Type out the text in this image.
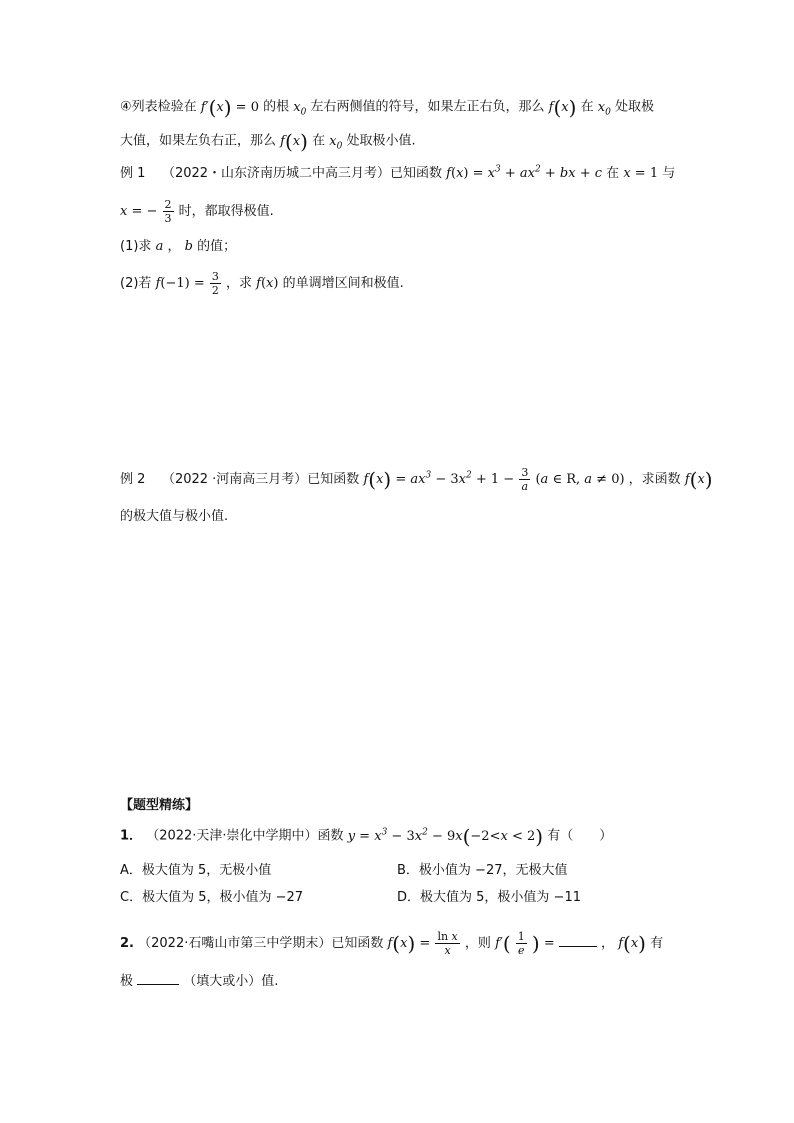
④列表检验在 f′(x) = 0 的根 $x_0$ 左右两侧值的符号，如果左正右负，那么 f(x) 在 $x_0$ 处取极
大值，如果左负右正，那么 f(x) 在 $x_0$ 处取极小值.
例 1 （2022・山东济南历城二中高三月考）已知函数 $f(x) = x^3 + ax^2$ + bx + c 在 x = 1 与
x = − $\frac{2}{3}$ 时，都取得极值.
(1)求 a ， b 的值；
(2)若 $f(-1) = \frac{3}{2}$ ，求 f(x) 的单调增区间和极值.
例 2 （2022 ·河南高三月考）已知函数 $f(x) = ax^3 - 3x^2 + 1 - \frac{3}{a} (a$ ∈ R, a ≠ 0) ，求函数 f(x)
的极大值与极小值.
【题型精练】
1． （2022·天津·崇化中学期中）函数 $y = x^3 - 3x^2 - 9x(-2<x < 2)$ 有（　　）
A．极大值为 5，无极小值	B．极小值为 −27，无极大值
C．极大值为 5，极小值为 −27	D．极大值为 5，极小值为 −11
2. （2022·石嘴山市第三中学期末）已知函数 $f(x) = \frac{\text{ln x}}{x}$ ，则 $f'( \frac{1}{e}$ ) =	， f(x) 有
极	（填大或小）值.
